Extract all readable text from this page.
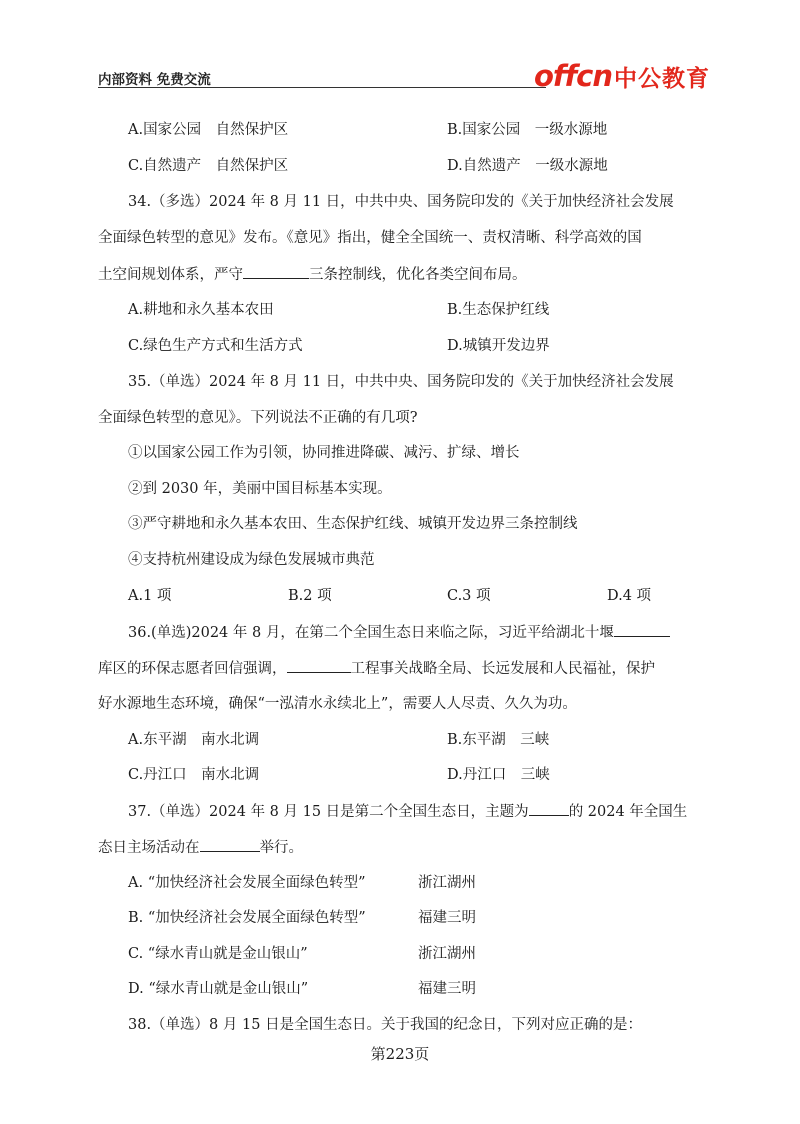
内部资料 免费交流	offcn 中公教育
A.国家公园　自然保护区	B.国家公园　一级水源地
C.自然遗产　自然保护区	D.自然遗产　一级水源地
34.（多选）2024 年 8 月 11 日，中共中央、国务院印发的《关于加快经济社会发展
全面绿色转型的意见》发布。《意见》指出，健全全国统一、责权清晰、科学高效的国
土空间规划体系，严守	三条控制线，优化各类空间布局。
A.耕地和永久基本农田	B.生态保护红线
C.绿色生产方式和生活方式	D.城镇开发边界
35.（单选）2024 年 8 月 11 日，中共中央、国务院印发的《关于加快经济社会发展
全面绿色转型的意见》。下列说法不正确的有几项?
①以国家公园工作为引领，协同推进降碳、减污、扩绿、增长
②到 2030 年，美丽中国目标基本实现。
③严守耕地和永久基本农田、生态保护红线、城镇开发边界三条控制线
④支持杭州建设成为绿色发展城市典范
A.1 项	B.2 项	C.3 项	D.4 项
36.(单选)2024 年 8 月，在第二个全国生态日来临之际，习近平给湖北十堰
库区的环保志愿者回信强调，	工程事关战略全局、长远发展和人民福祉，保护
好水源地生态环境，确保“一泓清水永续北上”，需要人人尽责、久久为功。
A.东平湖　南水北调	B.东平湖　三峡
C.丹江口　南水北调	D.丹江口　三峡
37.（单选）2024 年 8 月 15 日是第二个全国生态日，主题为	的 2024 年全国生
态日主场活动在	举行。
A. “加快经济社会发展全面绿色转型”	浙江湖州
B. “加快经济社会发展全面绿色转型”	福建三明
C. “绿水青山就是金山银山”	浙江湖州
D. “绿水青山就是金山银山”	福建三明
38.（单选）8 月 15 日是全国生态日。关于我国的纪念日，下列对应正确的是：
第223页
